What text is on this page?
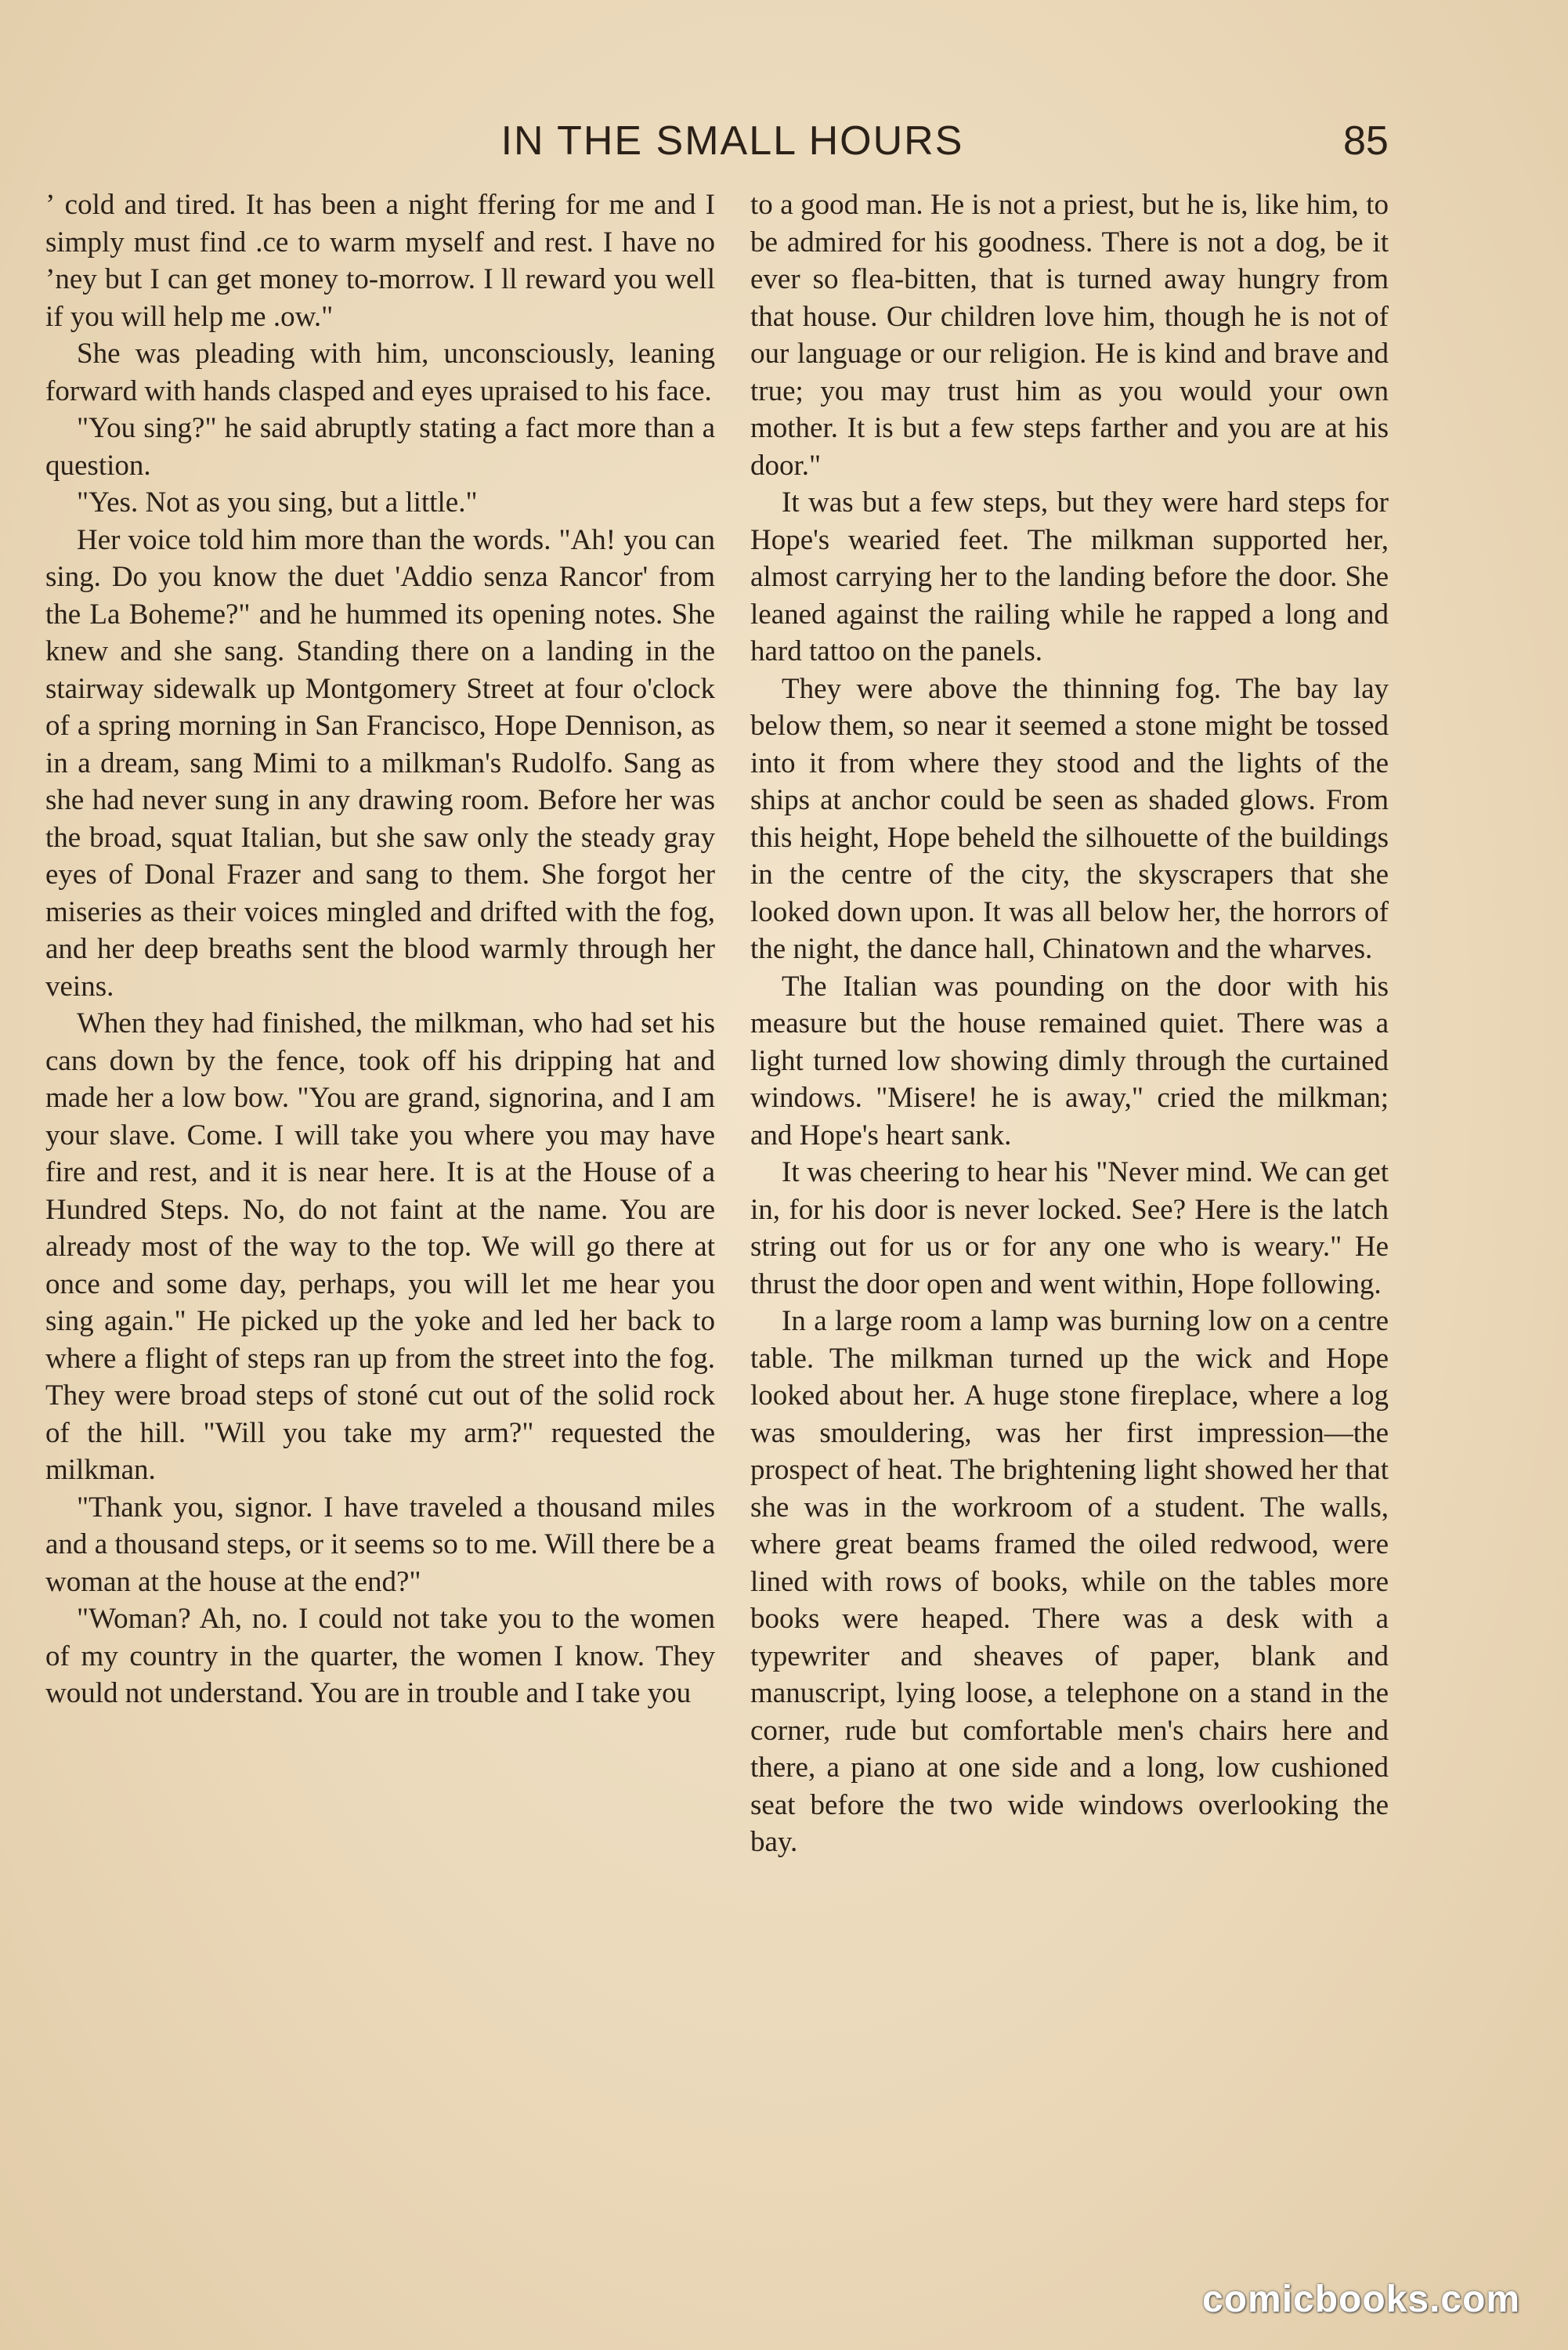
IN THE SMALL HOURS	85

ʼ cold and tired. It has been a night ffering for me and I simply must find .ce to warm myself and rest. I have no ʼney but I can get money to-morrow. I ll reward you well if you will help me .ow."

She was pleading with him, unconsciously, leaning forward with hands clasped and eyes upraised to his face.

"You sing?" he said abruptly stating a fact more than a question.

"Yes. Not as you sing, but a little."

Her voice told him more than the words. "Ah! you can sing. Do you know the duet 'Addio senza Rancor' from the La Boheme?" and he hummed its opening notes. She knew and she sang. Standing there on a landing in the stairway sidewalk up Montgomery Street at four o'clock of a spring morning in San Francisco, Hope Dennison, as in a dream, sang Mimi to a milkman's Rudolfo. Sang as she had never sung in any drawing room. Before her was the broad, squat Italian, but she saw only the steady gray eyes of Donal Frazer and sang to them. She forgot her miseries as their voices mingled and drifted with the fog, and her deep breaths sent the blood warmly through her veins.

When they had finished, the milkman, who had set his cans down by the fence, took off his dripping hat and made her a low bow. "You are grand, signorina, and I am your slave. Come. I will take you where you may have fire and rest, and it is near here. It is at the House of a Hundred Steps. No, do not faint at the name. You are already most of the way to the top. We will go there at once and some day, perhaps, you will let me hear you sing again." He picked up the yoke and led her back to where a flight of steps ran up from the street into the fog. They were broad steps of stoné cut out of the solid rock of the hill. "Will you take my arm?" requested the milkman.

"Thank you, signor. I have traveled a thousand miles and a thousand steps, or it seems so to me. Will there be a woman at the house at the end?"

"Woman? Ah, no. I could not take you to the women of my country in the quarter, the women I know. They would not understand. You are in trouble and I take you

to a good man. He is not a priest, but he is, like him, to be admired for his goodness. There is not a dog, be it ever so flea-bitten, that is turned away hungry from that house. Our children love him, though he is not of our language or our religion. He is kind and brave and true; you may trust him as you would your own mother. It is but a few steps farther and you are at his door."

It was but a few steps, but they were hard steps for Hope's wearied feet. The milkman supported her, almost carrying her to the landing before the door. She leaned against the railing while he rapped a long and hard tattoo on the panels.

They were above the thinning fog. The bay lay below them, so near it seemed a stone might be tossed into it from where they stood and the lights of the ships at anchor could be seen as shaded glows. From this height, Hope beheld the silhouette of the buildings in the centre of the city, the skyscrapers that she looked down upon. It was all below her, the horrors of the night, the dance hall, Chinatown and the wharves.

The Italian was pounding on the door with his measure but the house remained quiet. There was a light turned low showing dimly through the curtained windows. "Misere! he is away," cried the milkman; and Hope's heart sank.

It was cheering to hear his "Never mind. We can get in, for his door is never locked. See? Here is the latch string out for us or for any one who is weary." He thrust the door open and went within, Hope following.

In a large room a lamp was burning low on a centre table. The milkman turned up the wick and Hope looked about her. A huge stone fireplace, where a log was smouldering, was her first impression—the prospect of heat. The brightening light showed her that she was in the workroom of a student. The walls, where great beams framed the oiled redwood, were lined with rows of books, while on the tables more books were heaped. There was a desk with a typewriter and sheaves of paper, blank and manuscript, lying loose, a telephone on a stand in the corner, rude but comfortable men's chairs here and there, a piano at one side and a long, low cushioned seat before the two wide windows overlooking the bay.

comicbooks.com
